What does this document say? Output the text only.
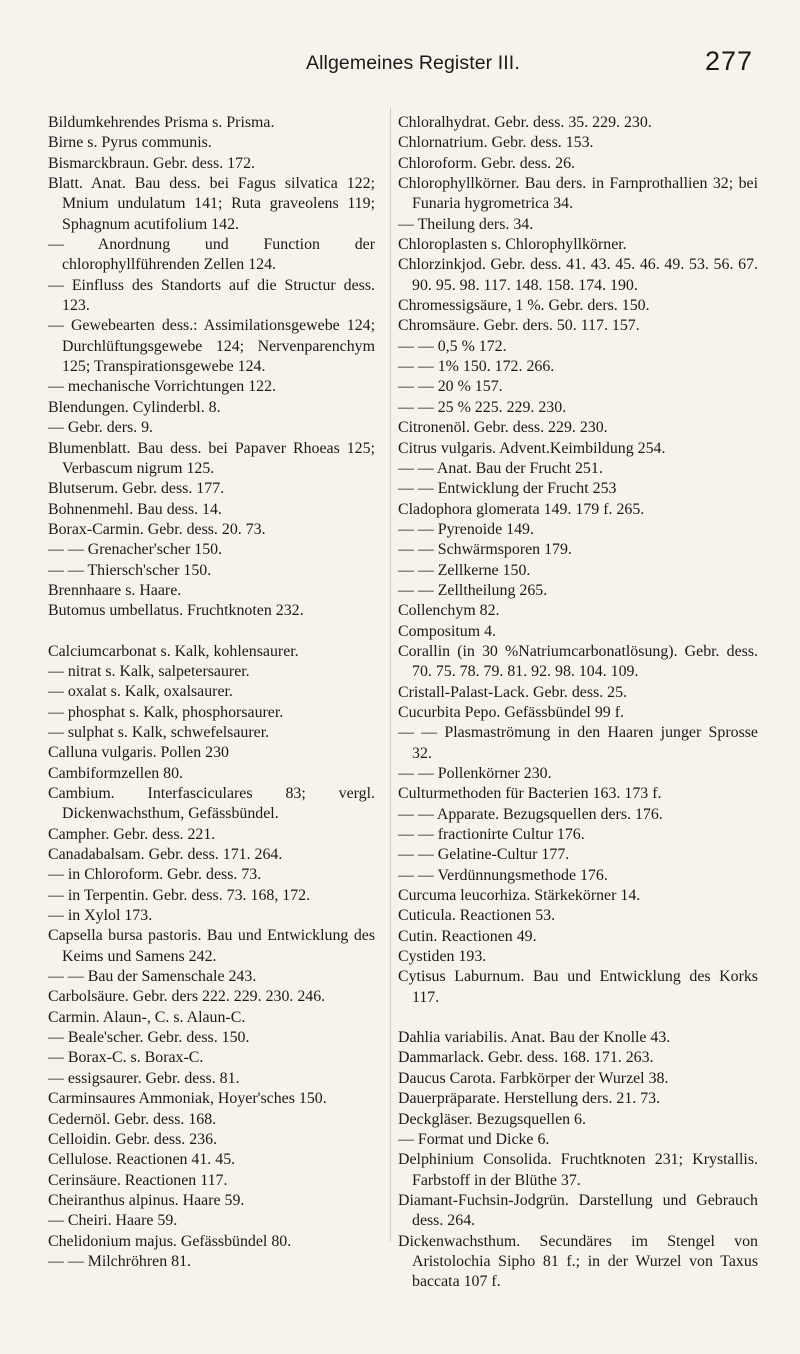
Allgemeines Register III.	277

Bildumkehrendes Prisma s. Prisma.

Birne s. Pyrus communis.

Bismarckbraun. Gebr. dess. 172.

Blatt. Anat. Bau dess. bei Fagus silvatica 122; Mnium undulatum 141; Ruta graveolens 119; Sphagnum acutifolium 142.

— Anordnung und Function der chlorophyllführenden Zellen 124.

— Einfluss des Standorts auf die Structur dess. 123.

— Gewebearten dess.: Assimilationsgewebe 124; Durchlüftungsgewebe 124; Nervenparenchym 125; Transpirationsgewebe 124.

— mechanische Vorrichtungen 122.

Blendungen. Cylinderbl. 8.

— Gebr. ders. 9.

Blumenblatt. Bau dess. bei Papaver Rhoeas 125; Verbascum nigrum 125.

Blutserum. Gebr. dess. 177.

Bohnenmehl. Bau dess. 14.

Borax-Carmin. Gebr. dess. 20. 73.

— — Grenacher'scher 150.

— — Thiersch'scher 150.

Brennhaare s. Haare.

Butomus umbellatus. Fruchtknoten 232.

Calciumcarbonat s. Kalk, kohlensaurer.

— nitrat s. Kalk, salpetersaurer.

— oxalat s. Kalk, oxalsaurer.

— phosphat s. Kalk, phosphorsaurer.

— sulphat s. Kalk, schwefelsaurer.

Calluna vulgaris. Pollen 230

Cambiformzellen 80.

Cambium. Interfasciculares 83; vergl. Dickenwachsthum, Gefässbündel.

Campher. Gebr. dess. 221.

Canadabalsam. Gebr. dess. 171. 264.

— in Chloroform. Gebr. dess. 73.

— in Terpentin. Gebr. dess. 73. 168, 172.

— in Xylol 173.

Capsella bursa pastoris. Bau und Entwicklung des Keims und Samens 242.

— — Bau der Samenschale 243.

Carbolsäure. Gebr. ders 222. 229. 230. 246.

Carmin. Alaun-, C. s. Alaun-C.

— Beale'scher. Gebr. dess. 150.

— Borax-C. s. Borax-C.

— essigsaurer. Gebr. dess. 81.

Carminsaures Ammoniak, Hoyer'sches 150.

Cedernöl. Gebr. dess. 168.

Celloidin. Gebr. dess. 236.

Cellulose. Reactionen 41. 45.

Cerinsäure. Reactionen 117.

Cheiranthus alpinus. Haare 59.

— Cheiri. Haare 59.

Chelidonium majus. Gefässbündel 80.

— — Milchröhren 81.

Chloralhydrat. Gebr. dess. 35. 229. 230.

Chlornatrium. Gebr. dess. 153.

Chloroform. Gebr. dess. 26.

Chlorophyllkörner. Bau ders. in Farnprothallien 32; bei Funaria hygrometrica 34.

— Theilung ders. 34.

Chloroplasten s. Chlorophyllkörner.

Chlorzinkjod. Gebr. dess. 41. 43. 45. 46. 49. 53. 56. 67. 90. 95. 98. 117. 148. 158. 174. 190.

Chromessigsäure, 1 %. Gebr. ders. 150.

Chromsäure. Gebr. ders. 50. 117. 157.

— — 0,5 % 172.

— — 1% 150. 172. 266.

— — 20 % 157.

— — 25 % 225. 229. 230.

Citronenöl. Gebr. dess. 229. 230.

Citrus vulgaris. Advent.Keimbildung 254.

— — Anat. Bau der Frucht 251.

— — Entwicklung der Frucht 253

Cladophora glomerata 149. 179 f. 265.

— — Pyrenoide 149.

— — Schwärmsporen 179.

— — Zellkerne 150.

— — Zelltheilung 265.

Collenchym 82.

Compositum 4.

Corallin (in 30 %Natriumcarbonatlösung). Gebr. dess. 70. 75. 78. 79. 81. 92. 98. 104. 109.

Cristall-Palast-Lack. Gebr. dess. 25.

Cucurbita Pepo. Gefässbündel 99 f.

— — Plasmaströmung in den Haaren junger Sprosse 32.

— — Pollenkörner 230.

Culturmethoden für Bacterien 163. 173 f.

— — Apparate. Bezugsquellen ders. 176.

— — fractionirte Cultur 176.

— — Gelatine-Cultur 177.

— — Verdünnungsmethode 176.

Curcuma leucorhiza. Stärkekörner 14.

Cuticula. Reactionen 53.

Cutin. Reactionen 49.

Cystiden 193.

Cytisus Laburnum. Bau und Entwicklung des Korks 117.

Dahlia variabilis. Anat. Bau der Knolle 43.

Dammarlack. Gebr. dess. 168. 171. 263.

Daucus Carota. Farbkörper der Wurzel 38.

Dauerpräparate. Herstellung ders. 21. 73.

Deckgläser. Bezugsquellen 6.

— Format und Dicke 6.

Delphinium Consolida. Fruchtknoten 231; Krystallis. Farbstoff in der Blüthe 37.

Diamant-Fuchsin-Jodgrün. Darstellung und Gebrauch dess. 264.

Dickenwachsthum. Secundäres im Stengel von Aristolochia Sipho 81 f.; in der Wurzel von Taxus baccata 107 f.
